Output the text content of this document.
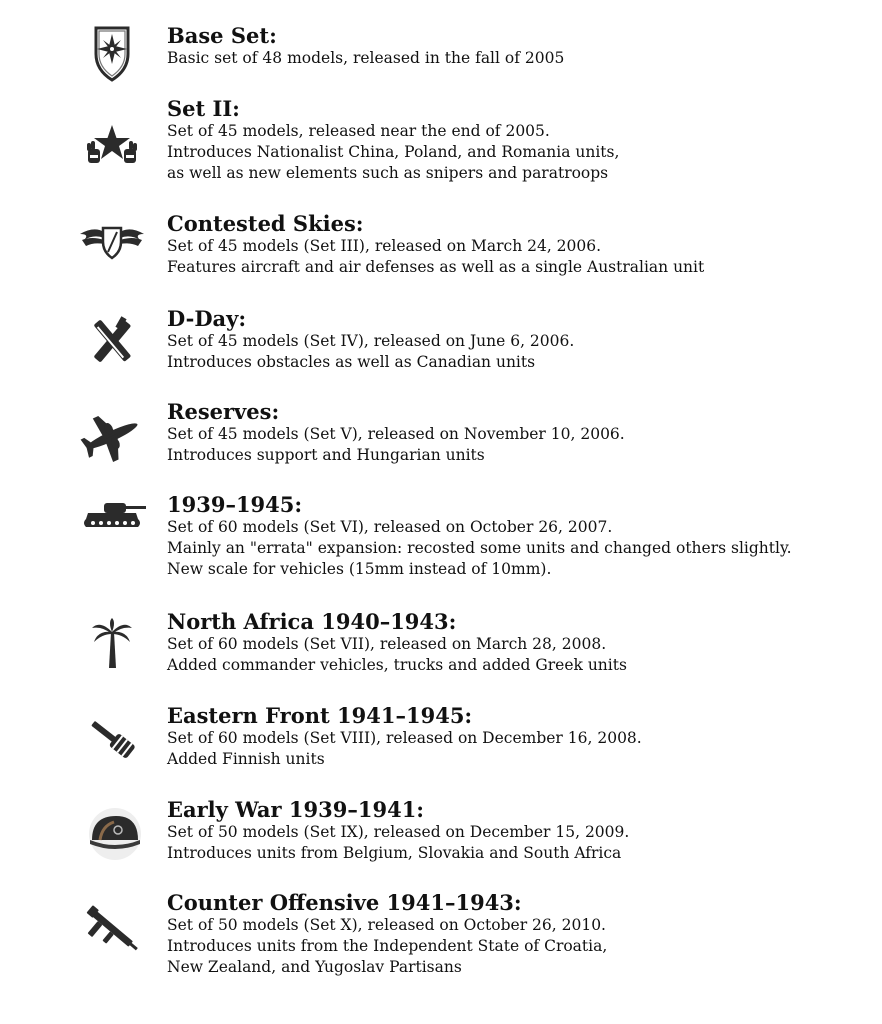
Base Set:
Basic set of 48 models, released in the fall of 2005
Set II:
Set of 45 models, released near the end of 2005.
Introduces Nationalist China, Poland, and Romania units,
as well as new elements such as snipers and paratroops
Contested Skies:
Set of 45 models (Set III), released on March 24, 2006.
Features aircraft and air defenses as well as a single Australian unit
D-Day:
Set of 45 models (Set IV), released on June 6, 2006.
Introduces obstacles as well as Canadian units
Reserves:
Set of 45 models (Set V), released on November 10, 2006.
Introduces support and Hungarian units
1939–1945:
Set of 60 models (Set VI), released on October 26, 2007.
Mainly an "errata" expansion: recosted some units and changed others slightly.
New scale for vehicles (15mm instead of 10mm).
North Africa 1940–1943:
Set of 60 models (Set VII), released on March 28, 2008.
Added commander vehicles, trucks and added Greek units
Eastern Front 1941–1945:
Set of 60 models (Set VIII), released on December 16, 2008.
Added Finnish units
Early War 1939–1941:
Set of 50 models (Set IX), released on December 15, 2009.
Introduces units from Belgium, Slovakia and South Africa
Counter Offensive 1941–1943:
Set of 50 models (Set X), released on October 26, 2010.
Introduces units from the Independent State of Croatia,
New Zealand, and Yugoslav Partisans
